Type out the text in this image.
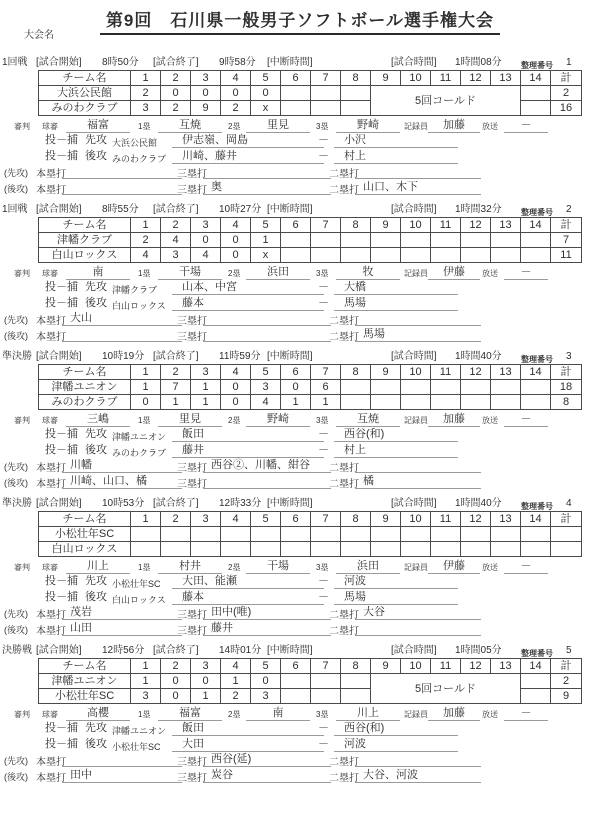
第9回　石川県一般男子ソフトボール選手権大会
大会名
1回戦 [試合開始] 8時50分 [試合終了] 9時58分 [中断時間]	[試合時間] 1時間08分 整理番号 1
チーム名	1	2	3	4	5	6	7	8	9	10	11	12	13	14	計
大浜公民館	2	0	0	0	0				5回コールド						2
みのわクラブ	3	2	9	2	x										16
審判 球審	福富	1塁	互焼	2塁	里見	3塁	野崎	記録員	加藤	放送	－
投－捕 先攻 大浜公民館	伊志嶺、岡島	－	小沢
投－捕 後攻 みのわクラブ	川崎、藤井	－	村上
(先攻) 本塁打	三塁打	二塁打
(後攻) 本塁打	三塁打 奥	二塁打 山口、木下
1回戦 [試合開始] 8時55分 [試合終了] 10時27分 [中断時間]	[試合時間] 1時間32分 整理番号 2
チーム名	1	2	3	4	5	6	7	8	9	10	11	12	13	14	計
津幡クラブ	2	4	0	0	1										7
白山ロックス	4	3	4	0	x										11
審判 球審	南	1塁	干場	2塁	浜田	3塁	牧	記録員	伊藤	放送	－
投－捕 先攻 津幡クラブ	山本、中宮	－	大橋
投－捕 後攻 白山ロックス	藤本	－	馬場
(先攻) 本塁打 大山	三塁打	二塁打
(後攻) 本塁打	三塁打	二塁打 馬場
準決勝 [試合開始] 10時19分 [試合終了] 11時59分 [中断時間]	[試合時間] 1時間40分 整理番号 3
チーム名	1	2	3	4	5	6	7	8	9	10	11	12	13	14	計
津幡ユニオン	1	7	1	0	3	0	6								18
みのわクラブ	0	1	1	0	4	1	1								8
審判 球審	三嶋	1塁	里見	2塁	野崎	3塁	互焼	記録員	加藤	放送	－
投－捕 先攻 津幡ユニオン	飯田	－	西谷(和)
投－捕 後攻 みのわクラブ	藤井	－	村上
(先攻) 本塁打 川幡	三塁打 西谷②、川幡、紺谷	二塁打
(後攻) 本塁打 川崎、山口、橘	三塁打	二塁打 橘
準決勝 [試合開始] 10時53分 [試合終了] 12時33分 [中断時間]	[試合時間] 1時間40分 整理番号 4
チーム名	1	2	3	4	5	6	7	8	9	10	11	12	13	14	計
小松壮年SC															
白山ロックス															
審判 球審	川上	1塁	村井	2塁	干場	3塁	浜田	記録員	伊藤	放送	－
投－捕 先攻 小松壮年SC	大田、能瀬	－	河波
投－捕 後攻 白山ロックス	藤本	－	馬場
(先攻) 本塁打 茂岩	三塁打 田中(唯)	二塁打 大谷
(後攻) 本塁打 山田	三塁打 藤井	二塁打
決勝戦 [試合開始] 12時56分 [試合終了] 14時01分 [中断時間]	[試合時間] 1時間05分 整理番号 5
チーム名	1	2	3	4	5	6	7	8	9	10	11	12	13	14	計
津幡ユニオン	1	0	0	1	0				5回コールド						2
小松壮年SC	3	0	1	2	3										9
審判 球審	高櫻	1塁	福富	2塁	南	3塁	川上	記録員	加藤	放送	－
投－捕 先攻 津幡ユニオン	飯田	－	西谷(和)
投－捕 後攻 小松壮年SC	大田	－	河波
(先攻) 本塁打	三塁打 西谷(延)	二塁打
(後攻) 本塁打 田中	三塁打 炭谷	二塁打 大谷、河波
